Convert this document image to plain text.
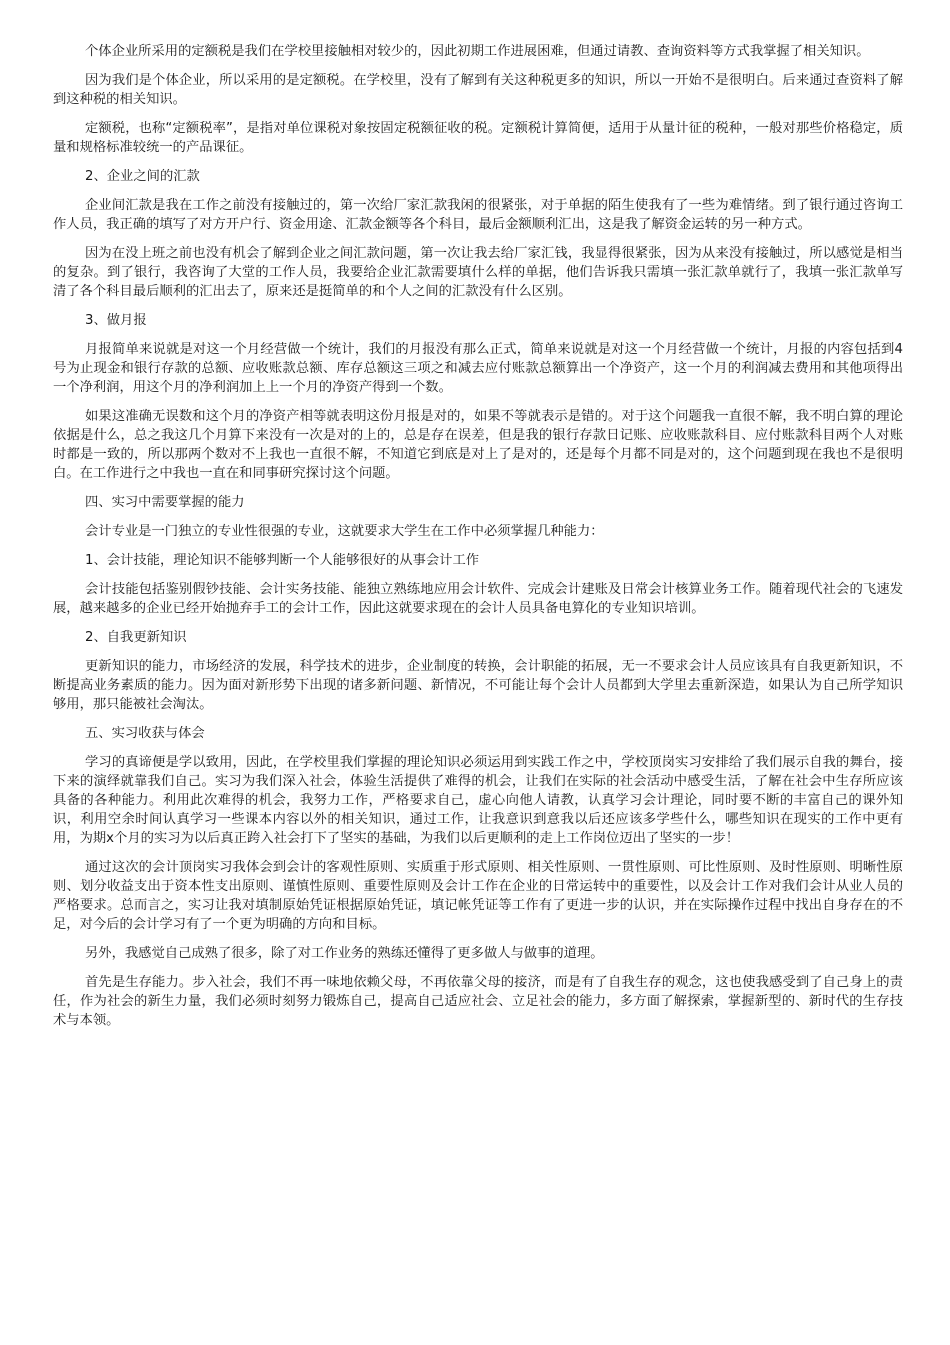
个体企业所采用的定额税是我们在学校里接触相对较少的，因此初期工作进展困难，但通过请教、查询资料等方式我掌握了相关知识。

因为我们是个体企业，所以采用的是定额税。在学校里，没有了解到有关这种税更多的知识，所以一开始不是很明白。后来通过查资料了解到这种税的相关知识。

定额税，也称“定额税率”，是指对单位课税对象按固定税额征收的税。定额税计算简便，适用于从量计征的税种，一般对那些价格稳定，质量和规格标准较统一的产品课征。

2、企业之间的汇款

企业间汇款是我在工作之前没有接触过的，第一次给厂家汇款我闲的很紧张，对于单据的陌生使我有了一些为难情绪。到了银行通过咨询工作人员，我正确的填写了对方开户行、资金用途、汇款金额等各个科目，最后金额顺利汇出，这是我了解资金运转的另一种方式。

因为在没上班之前也没有机会了解到企业之间汇款问题，第一次让我去给厂家汇钱，我显得很紧张，因为从来没有接触过，所以感觉是相当的复杂。到了银行，我咨询了大堂的工作人员，我要给企业汇款需要填什么样的单据，他们告诉我只需填一张汇款单就行了，我填一张汇款单写清了各个科目最后顺利的汇出去了，原来还是挺简单的和个人之间的汇款没有什么区别。

3、做月报

月报简单来说就是对这一个月经营做一个统计，我们的月报没有那么正式，简单来说就是对这一个月经营做一个统计，月报的内容包括到4号为止现金和银行存款的总额、应收账款总额、库存总额这三项之和减去应付账款总额算出一个净资产，这一个月的利润减去费用和其他项得出一个净利润，用这个月的净利润加上上一个月的净资产得到一个数。

如果这准确无误数和这个月的净资产相等就表明这份月报是对的，如果不等就表示是错的。对于这个问题我一直很不解，我不明白算的理论依据是什么，总之我这几个月算下来没有一次是对的上的，总是存在误差，但是我的银行存款日记账、应收账款科目、应付账款科目两个人对账时都是一致的，所以那两个数对不上我也一直很不解，不知道它到底是对上了是对的，还是每个月都不同是对的，这个问题到现在我也不是很明白。在工作进行之中我也一直在和同事研究探讨这个问题。

四、实习中需要掌握的能力

会计专业是一门独立的专业性很强的专业，这就要求大学生在工作中必须掌握几种能力：

1、会计技能，理论知识不能够判断一个人能够很好的从事会计工作

会计技能包括鉴别假钞技能、会计实务技能、能独立熟练地应用会计软件、完成会计建账及日常会计核算业务工作。随着现代社会的飞速发展，越来越多的企业已经开始抛弃手工的会计工作，因此这就要求现在的会计人员具备电算化的专业知识培训。

2、自我更新知识

更新知识的能力，市场经济的发展，科学技术的进步，企业制度的转换，会计职能的拓展，无一不要求会计人员应该具有自我更新知识，不断提高业务素质的能力。因为面对新形势下出现的诸多新问题、新情况，不可能让每个会计人员都到大学里去重新深造，如果认为自己所学知识够用，那只能被社会淘汰。

五、实习收获与体会

学习的真谛便是学以致用，因此，在学校里我们掌握的理论知识必须运用到实践工作之中，学校顶岗实习安排给了我们展示自我的舞台，接下来的演绎就靠我们自己。实习为我们深入社会，体验生活提供了难得的机会，让我们在实际的社会活动中感受生活，了解在社会中生存所应该具备的各种能力。利用此次难得的机会，我努力工作，严格要求自己，虚心向他人请教，认真学习会计理论，同时要不断的丰富自己的课外知识，利用空余时间认真学习一些课本内容以外的相关知识，通过工作，让我意识到意我以后还应该多学些什么，哪些知识在现实的工作中更有用，为期x个月的实习为以后真正跨入社会打下了坚实的基础，为我们以后更顺利的走上工作岗位迈出了坚实的一步！

通过这次的会计顶岗实习我体会到会计的客观性原则、实质重于形式原则、相关性原则、一贯性原则、可比性原则、及时性原则、明晰性原则、划分收益支出于资本性支出原则、谨慎性原则、重要性原则及会计工作在企业的日常运转中的重要性，以及会计工作对我们会计从业人员的严格要求。总而言之，实习让我对填制原始凭证根据原始凭证，填记帐凭证等工作有了更进一步的认识，并在实际操作过程中找出自身存在的不足，对今后的会计学习有了一个更为明确的方向和目标。

另外，我感觉自己成熟了很多，除了对工作业务的熟练还懂得了更多做人与做事的道理。

首先是生存能力。步入社会，我们不再一味地依赖父母，不再依靠父母的接济，而是有了自我生存的观念，这也使我感受到了自己身上的责任，作为社会的新生力量，我们必须时刻努力锻炼自己，提高自己适应社会、立足社会的能力，多方面了解探索，掌握新型的、新时代的生存技术与本领。
